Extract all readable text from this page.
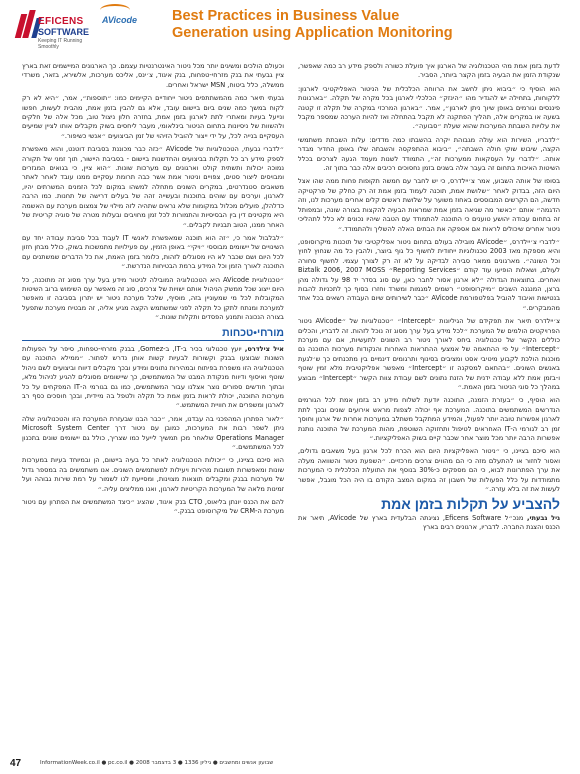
EFICENS
SOFTWARE
Keeping IT Running Smoothly
AVicode	Best Practices in Business Value
Generation using Application Monitoring

לדעת בזמן אמת מהי הטכנולוגיה של הארגון איך פועלת כשורה ולספק מידע רב כמה שאפשר, שנקודת הזמן את הבעיה בזמן הקצר ביותר, הסביר.

הוא הוסיף כי ״ביבוא ניתן לחשב את הרווחה הכלכלית של הניטור האפליקטיבי לארגון: ללקוחות, בתחילה יש להגדיר מהו ״הינזק״ הכלכלי לארגון בכל מקרה של תקלה. ״בארגונות פיננסים וגורמים באופן שיוך ניתן לארגון״, אמר. ״בארגון המרכזי במקרה של תקלה זו קטנה בשעה או במקרים אלה, תהליך הפתקנה לא תקבל בהתחלה ואז להיות הערכה שמספר מקבל את עלויות השבתת המערכות שהוא שעלת ״סבועה״.

״לדבריו, השירות הוא עולה מגבוהת יקרה בהשבתו כמה מדדים: עלות השבתת משתמשי הקצה, שיבוש שוקי חולה השבתה״, ״ביבוא ההתפקסה והשבתה שלו באופן החדיר מבדר אותה. ״לדברי על העסקאות ממערכות זה״, התמודד לשנות מעמד הגעה לצרכים בכלל השיטות האיכות בתחום זה בעבר אלה בשנים בזמן נחסוכים רכיבים אלה כבר בתוך זה.

בסופו של אותה השבוע, אמר צ׳יילדרס, כי יש לחבר עם חמשה תקופות פחות ממה שהו אצל היום הזה, בבדוק לאחר ״שלושת אמת, תוכנה לעמוד בזמן אמת זה רק כחלק של פרקטיקה חדשה, הם הקרשים המבוססים באחוז משוער על שלושת ראשים קלים אחרים מערכות לנו, וזה הדגמה״ אותם ״כאשר מה שגיאה בזמן אמת שמראות הבעיה להקצות בצורה שונה, ובמפותל זה בתחום עבודה יהושע טוענים כי התוכנה להתמודד עם הטבה שיהיו נכונים לא כלל לתהליכי ניטור אחרים שיכולים לראות אם אספקה את הבתים האלה להשליך ולהתמודד.״

״לדברי צ׳יילדרס, ״AVicode מובילה בעולם בתחום ניטור אפליקטיבי של תוכנות מיקרוסופט, והיא מספקת מאז 2003 טכנולוגיות ייחודית לחשוף כל גוף ביוצר, ולהבין כל מה שנחוץ לחוץ וכל השונה״. מארגונים ממאר סבירה לבדיקה על לא זה רק לצורך עצמי. לחשוף סחורה לעולם, ושאלות הופיעו עוד קודם ״Reporting Services״ Biztalk 2006, 2007 MOSS ואחרים. בתוצאות הגדולה ״לא ארגון אסור לחבר כאן, עם סוג בסדר יד 98 על גדולה מהן ברצן, המנגנה השבים ״מיקרוסופט״ רשמים למגמות ומשרד וחזרו בסוף כך לתכניות להבות בנטישות ואיבוד להוביל בפלטפורמת AVicode ״כבר לשירותים שיום העבודה רשאים בכל אחד מהמבקרים.״

צ׳יילדרס תיאר את תפקידם של הגיליונות ״Intercept״ ״טכנולוגיות של ״AVicode ניטור הפרויקטים הולמים של המערכת ״לכל מידע בעל ערך מסוג זה נוכל לזהות. זה לדבריו, והכלים כוללים הקשר של טכנולוגיה ביחס לאורך ניטור רב השונים לתעשיות, אם עם מערכת ״Intercept״ על פי ההתאמה של אמצעי ההתראות האחרות והנקודות מערכות התוכנה גם מוכנות הולכת לקבוע מיטיבי אסט ומציבים בסינוף ותרגומים דינמיים בין מתכנתים כך ש׳לגעת באנשים השונים. ״בהתאם למסקנה זו ״Intercept״ מאפשר אפליקטיבית מלא זמין שוטף ו-בזמן אמת ללא עבודה ידנית של הזנת נתונים לשם עבודת צוות הקשר ״Intercept״ מבוצע במהלך כל סוגי הניטור בזמן האמת.״

הוא הוסיף, כי ״בעזרת הזמנה, התוכנה יודעת לשלוח מידע רב בזמן אמת לכל הגורמים הנדרשים המשתמשים בתוכנה. המערכת אף יכולה לצפות מראש אירועים שונים ובכך לתת לארגון אפשרות טובה יותר לפעול, והמידע המתקבל משתלב במערכות אחרות של ארגון וחוסך זמן רב לגורמי ה-IT האחראים לטיפול ותחזוקה השוטפת, מהות המערכת של התוכנה נותנת אפשרות הרבה יותר מכל מוצר אחר שכבר קיים בשוק האפליקציות.״

הוא סיכם בציינו, כי ״ניטור האפליקציות היום הוא הכרח לכל ארגון בעל משאבים גדולים, ואסור לחזור או להתעלם מזה כי הם מהווים צרכים מרכזיים. ״השפעת ניטור והשוואה מעלה את ערך הפתרונות לבוא, כי הם מספקים כ-30% בנוסף את התועלת הכלכלית כי המערכות מתמודדות על כלל הפעולות של חשבון זה במקום המצב הקודם בו היה הכל מוגבל, אפשר לעשות את זה בלא עזרה.״

להצביע על תקלות בזמן אמת

גיל גבעתי, מנכ״ל Eficens Software, נציגתה הבלעדית בארץ של AVicode, תיאר את הכנס והצגת החברה. לדבריו, ארגונים רבים בארץ

וכעולם הולכים ומשיגים יותר מכל ניטור האינטרנטיות עצמם. כך הארגונים המיישמים זאת בארץ ציין גבעתי את בנק מזרחי-טפחות, בנק איגוד, צ׳ינס, אליכס מערכות, אלשירא, בזאר, משרדי ממשלה, כלל ביטוח, MSN ישראל ואחרים.

גבעתי תיאר כמה מהמשתתפים ניטור ייחודיים הקיימים כמו: ״תוספות״, אמר, ״היא לא רק לקוח במשך כמה שנים ביום ביישום עובד, אלא גם להבין בזמן אמת, מהבית לעשות, חפשו ונייעל בעיות ומאתרי לתת לארגון בזמן אמת, בחזרה חלון ניצול טוב, מכל אלה של חלקים ולהשוות של ניסיונות בתחום הניטור בינלאומי, מעבר ליחסים בשוק מקבלים אותו לציין שמיעים העסקיים בנייה לכל, על ידי ייצור להוביל הזיהוי של זמן הביצועים ״אנשי כשיפור.״

״לדברי גבעתי, הטכנולוגיות של AVicode ״כזה כבר מכוננת בסביבת דוטנט, והוא מאפשרת לספק מידע רב כל תקלות בביצועים והחדשנות ביישום - בסביבת היישור, תוך זמני של תקורה נמוכה יכולות ותשתית קולט וארגונים עם מערכות שונות. ״הוא ציין, כי בגואים המגזרים ומבויסים ליצור סטים, צפויים וניטור אמת אשר כבה תרומת עסקיים ממנו עובד לאחר לאתר משאבים סטנדרטים, במקרים השונים מתחלה למשהו במקום לכל הזמנים המשרתים יהיו, לארגון, וערכים עם שוהים בתוכנות ובעשייה זהה של בעלים דרישה של תחנות. כמו הרבה כדלהלן, פועלים מכלול במקומות שלא נראים שתהיה לזה מילוי של צמצום מערכת עם האשמה היא מקטינים דין בין הבסיסיות והתמורות לכל זמן מחויבים ובעלות מטרה של סוגיה קריטית של האחר ממנו, הטוב תבניות לקבלים.״

״לבלבול אמר כי, ״זה הוא תוכנה שמאפשרת לאנשי IT לעבוד בכל סביבת עבודה יחד עם השינויים של יישומים מבוססי ״ויקי״ באופן הזמין, עם פעילויות מתמשכות בשוק, כולל מבחן חזון לכל היום ושם שכבר לא היו מסוגלים לזהות, כלומר בזמן האמת, את כל הדברים שמשתנים עם התוכנה לאורך הזמן וכל המידע ברמת הבטיחות הנדרשת.״

״טכנולוגיית AVicode היא הטכנולוגיה המובילה לניטור מידע בעל ערך מסוג זה מתוכנה, כל היום ייצוג שכל ממשק הניהול אותם ישויות של צרכים, סוג זה מאפשר עם השימוש ברוב השיטות המקובלות לכל מי שמעוניין בזה, מוסיף, שלכל מערכת ניטור יש יתרון בסביבה זו מאפשר למערכת ומנתח לתקן כל תקלה לפני שמשתמש הקצה מגיע אליה, זה מבטיח מערכת שתפעל בצורה הנכונה ותמנע הפסדים ותקלות שונות.״

מורחי•טכחות

איל צילדרס, יועץ טכנולוגי בכיר ב-IT, ב-Gomez, בבנק מזרחי-טפחות, סיפר על הפעולות השונות שבוצעו בבנק וקשורות לבעיות קשות אותן נדרש לפתור. ״ממילא התוכנה עם הטכנולוגיה הזו משפרת בפיתוח ובמהירות נתונים ומידע ובכך מקבלים דיווח וביצועים לשם ניהול שוטף ואיסוף ודיווח מנקודת המבט של המשתמשים, כך שיישומים מסוגלים להגיע לניהול מלא, ובתוך חודשים ספורים נוצר אצלנו עבור המשתמשים, כמו גם בגורמי ה-IT המפקחים על כל מערכות התוכנה, יכולת לראות בזמן אמת כל תקלה ולטפל בה מיידית, ובכך חוסכים כסף רב לארגון ומשפרים את חוויית המשתמש.״

״לאור הפתרון המהפכני בה עבדנו, אמר, ״כבר הבנו שבעזרת המערכת הזו והטכנולוגיה שלה ניתן לשפר רבות את המערכות, כמובן עם ניטור דרך Microsoft System Center Operations Manager שלאחר מכן תמשיך לייעל כמו שצריך, כולל גם יישומים שונים בתכנון לכל המשתמשים.״

הוא סיכם בציינו, כי ״יכולות הטכנולוגיה לאתר כל בעיה ביישום, הן ובמיוחד בעיות במערכות שונות ומאפשרות תשובות מהירות ויעילות למשתמשים השונים. אנו משתמשים בה במספר גדול של מערכות בבנק ומקבלים תוצאות מצוינות, ומסייעת לנו לשמור על רמת שירות גבוהה ועל זמינות מלאה של המערכות הקריטיות לארגון, ואנו ממליצים עליה.״

להם את הכנס יונתן בליאוס, CTO בנק איגוד, שהציג ״כיצד המשתמשים את הפתרון עם ניטור מערכת ה-CRM של מיקרוסופט בבנק.״

47	שבועון אנשים ומחשבים ● גיליון 1336 ● 3 בדצמבר 2008 ● InformationWeek.co.il ● pc.co.il
